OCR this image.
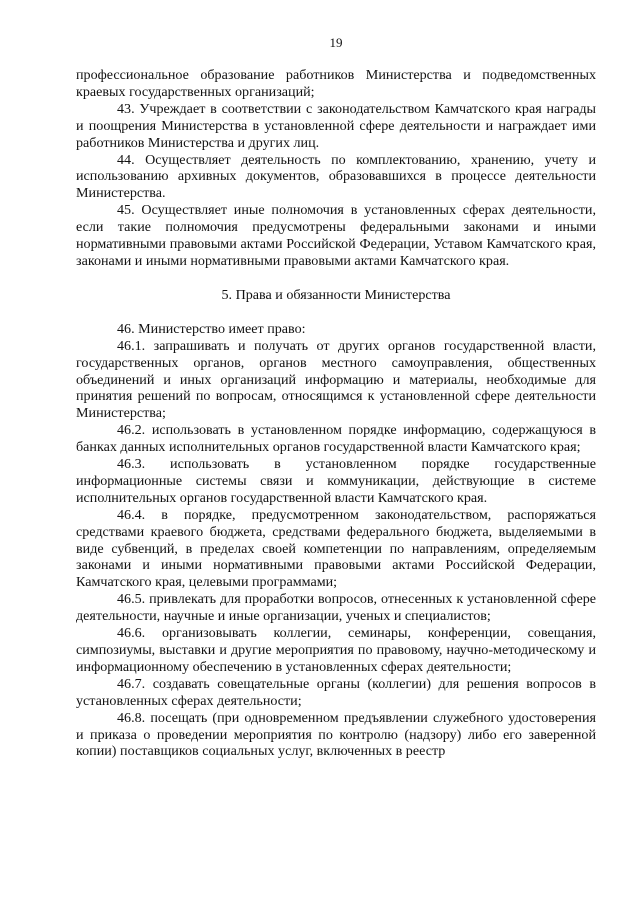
19

профессиональное образование работников Министерства и подведомственных краевых государственных организаций;

43. Учреждает в соответствии с законодательством Камчатского края награды и поощрения Министерства в установленной сфере деятельности и награждает ими работников Министерства и других лиц.

44. Осуществляет деятельность по комплектованию, хранению, учету и использованию архивных документов, образовавшихся в процессе деятельности Министерства.

45. Осуществляет иные полномочия в установленных сферах деятельности, если такие полномочия предусмотрены федеральными законами и иными нормативными правовыми актами Российской Федерации, Уставом Камчатского края, законами и иными нормативными правовыми актами Камчатского края.

5. Права и обязанности Министерства

46. Министерство имеет право:

46.1. запрашивать и получать от других органов государственной власти, государственных органов, органов местного самоуправления, общественных объединений и иных организаций информацию и материалы, необходимые для принятия решений по вопросам, относящимся к установленной сфере деятельности Министерства;

46.2. использовать в установленном порядке информацию, содержащуюся в банках данных исполнительных органов государственной власти Камчатского края;

46.3. использовать в установленном порядке государственные информационные системы связи и коммуникации, действующие в системе исполнительных органов государственной власти Камчатского края.

46.4. в порядке, предусмотренном законодательством, распоряжаться средствами краевого бюджета, средствами федерального бюджета, выделяемыми в виде субвенций, в пределах своей компетенции по направлениям, определяемым законами и иными нормативными правовыми актами Российской Федерации, Камчатского края, целевыми программами;

46.5. привлекать для проработки вопросов, отнесенных к установленной сфере деятельности, научные и иные организации, ученых и специалистов;

46.6. организовывать коллегии, семинары, конференции, совещания, симпозиумы, выставки и другие мероприятия по правовому, научно-методическому и информационному обеспечению в установленных сферах деятельности;

46.7. создавать совещательные органы (коллегии) для решения вопросов в установленных сферах деятельности;

46.8. посещать (при одновременном предъявлении служебного удостоверения и приказа о проведении мероприятия по контролю (надзору) либо его заверенной копии) поставщиков социальных услуг, включенных в реестр
